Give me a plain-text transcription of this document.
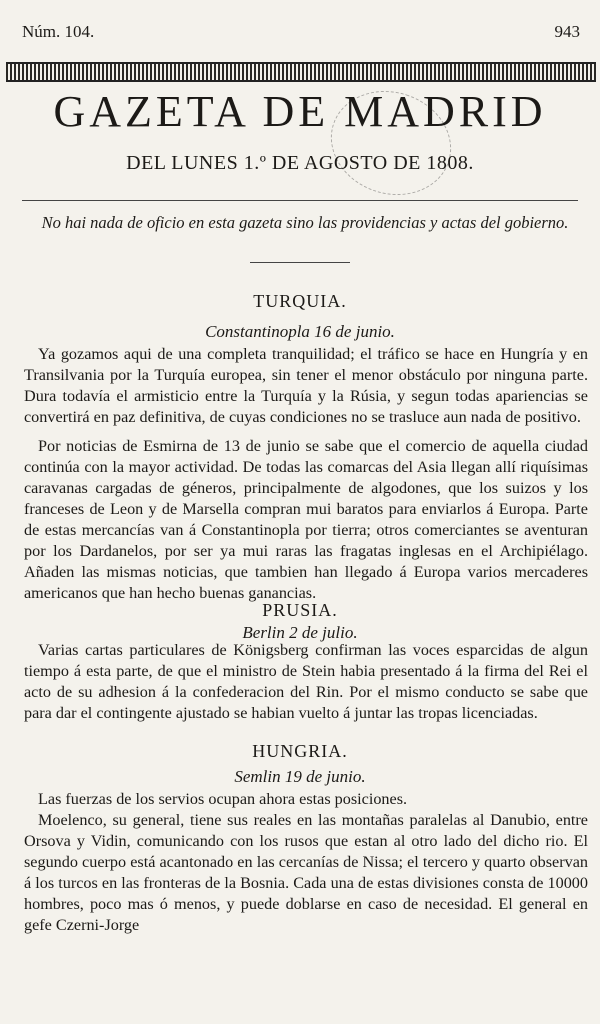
Núm. 104.	943
GAZETA DE MADRID
DEL LUNES 1.º DE AGOSTO DE 1808.
No hai nada de oficio en esta gazeta sino las providencias y actas del gobierno.
TURQUIA.
Constantinopla 16 de junio.

Ya gozamos aqui de una completa tranquilidad; el tráfico se hace en Hungría y en Transilvania por la Turquía europea, sin tener el menor obstáculo por ninguna parte. Dura todavía el armisticio entre la Turquía y la Rúsia, y segun todas apariencias se convertirá en paz definitiva, de cuyas condiciones no se trasluce aun nada de positivo.

Por noticias de Esmirna de 13 de junio se sabe que el comercio de aquella ciudad continúa con la mayor actividad. De todas las comarcas del Asia llegan allí riquísimas caravanas cargadas de géneros, principalmente de algodones, que los suizos y los franceses de Leon y de Marsella compran mui baratos para enviarlos á Europa. Parte de estas mercancías van á Constantinopla por tierra; otros comerciantes se aventuran por los Dardanelos, por ser ya mui raras las fragatas inglesas en el Archipiélago. Añaden las mismas noticias, que tambien han llegado á Europa varios mercaderes americanos que han hecho buenas ganancias.

PRUSIA.
Berlin 2 de julio.

Varias cartas particulares de Königsberg confirman las voces esparcidas de algun tiempo á esta parte, de que el ministro de Stein habia presentado á la firma del Rei el acto de su adhesion á la confederacion del Rin. Por el mismo conducto se sabe que para dar el contingente ajustado se habian vuelto á juntar las tropas licenciadas.

HUNGRIA.
Semlin 19 de junio.

Las fuerzas de los servios ocupan ahora estas posiciones.

Moelenco, su general, tiene sus reales en las montañas paralelas al Danubio, entre Orsova y Vidin, comunicando con los rusos que estan al otro lado del dicho rio. El segundo cuerpo está acantonado en las cercanías de Nissa; el tercero y quarto observan á los turcos en las fronteras de la Bosnia. Cada una de estas divisiones consta de 10000 hombres, poco mas ó menos, y puede doblarse en caso de necesidad. El general en gefe Czerni-Jorge
